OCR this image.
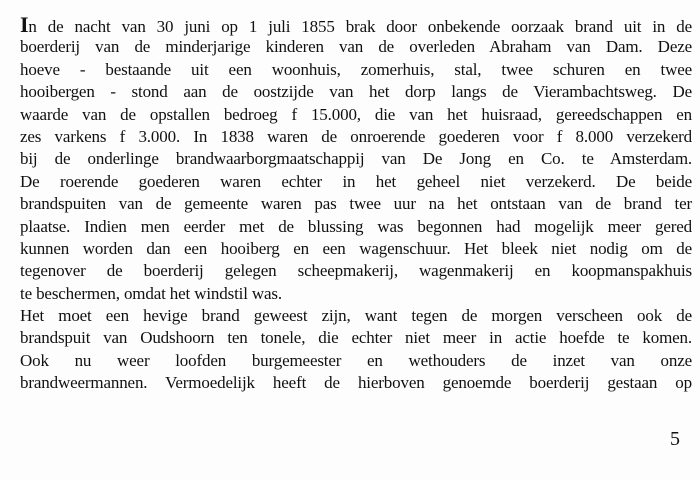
In de nacht van 30 juni op 1 juli 1855 brak door onbekende oorzaak brand uit in de
boerderij van de minderjarige kinderen van de overleden Abraham van Dam. Deze
hoeve - bestaande uit een woonhuis, zomerhuis, stal, twee schuren en twee
hooibergen - stond aan de oostzijde van het dorp langs de Vierambachtsweg. De
waarde van de opstallen bedroeg f 15.000, die van het huisraad, gereedschappen en
zes varkens f 3.000. In 1838 waren de onroerende goederen voor f 8.000 verzekerd
bij de onderlinge brandwaarborgmaatschappij van De Jong en Co. te Amsterdam.
De roerende goederen waren echter in het geheel niet verzekerd. De beide
brandspuiten van de gemeente waren pas twee uur na het ontstaan van de brand ter
plaatse. Indien men eerder met de blussing was begonnen had mogelijk meer gered
kunnen worden dan een hooiberg en een wagenschuur. Het bleek niet nodig om de
tegenover de boerderij gelegen scheepmakerij, wagenmakerij en koopmanspakhuis
te beschermen, omdat het windstil was.
Het moet een hevige brand geweest zijn, want tegen de morgen verscheen ook de
brandspuit van Oudshoorn ten tonele, die echter niet meer in actie hoefde te komen.
Ook nu weer loofden burgemeester en wethouders de inzet van onze
brandweermannen. Vermoedelijk heeft de hierboven genoemde boerderij gestaan op
5
